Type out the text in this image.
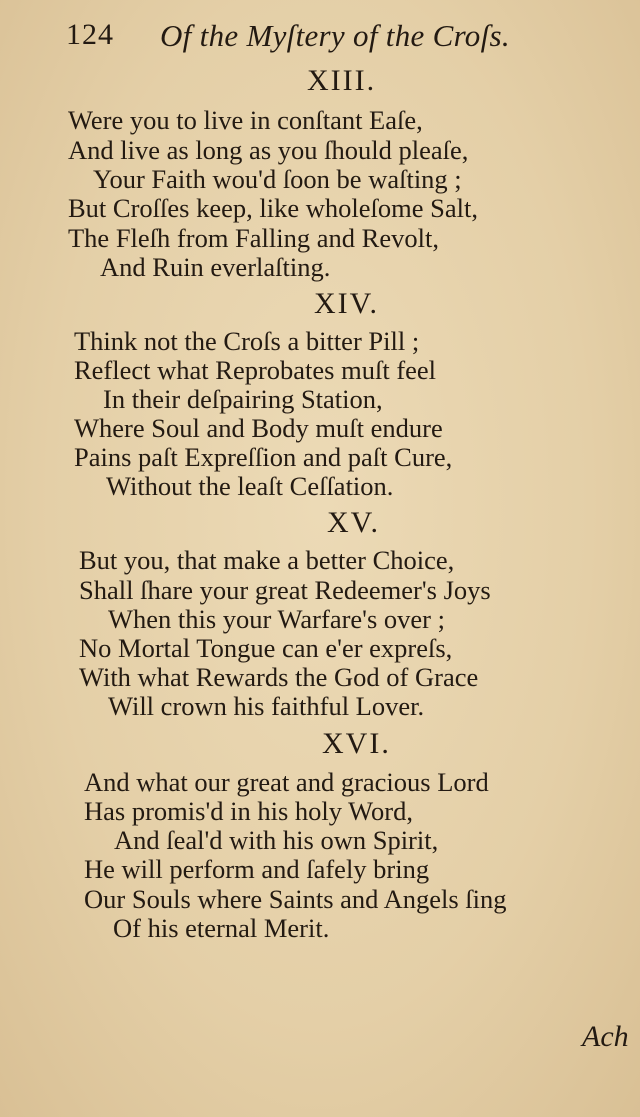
124 Of the Myſtery of the Croſs.
XIII.
Were you to live in conſtant Eaſe,
And live as long as you ſhould pleaſe,
Your Faith wou'd ſoon be waſting ;
But Croſſes keep, like wholeſome Salt,
The Fleſh from Falling and Revolt,
And Ruin everlaſting.
XIV.
Think not the Croſs a bitter Pill ;
Reflect what Reprobates muſt feel
In their deſpairing Station,
Where Soul and Body muſt endure
Pains paſt Expreſſion and paſt Cure,
Without the leaſt Ceſſation.
XV.
But you, that make a better Choice,
Shall ſhare your great Redeemer's Joys
When this your Warfare's over ;
No Mortal Tongue can e'er expreſs,
With what Rewards the God of Grace
Will crown his faithful Lover.
XVI.
And what our great and gracious Lord
Has promis'd in his holy Word,
And ſeal'd with his own Spirit,
He will perform and ſafely bring
Our Souls where Saints and Angels ſing
Of his eternal Merit.
Ach
